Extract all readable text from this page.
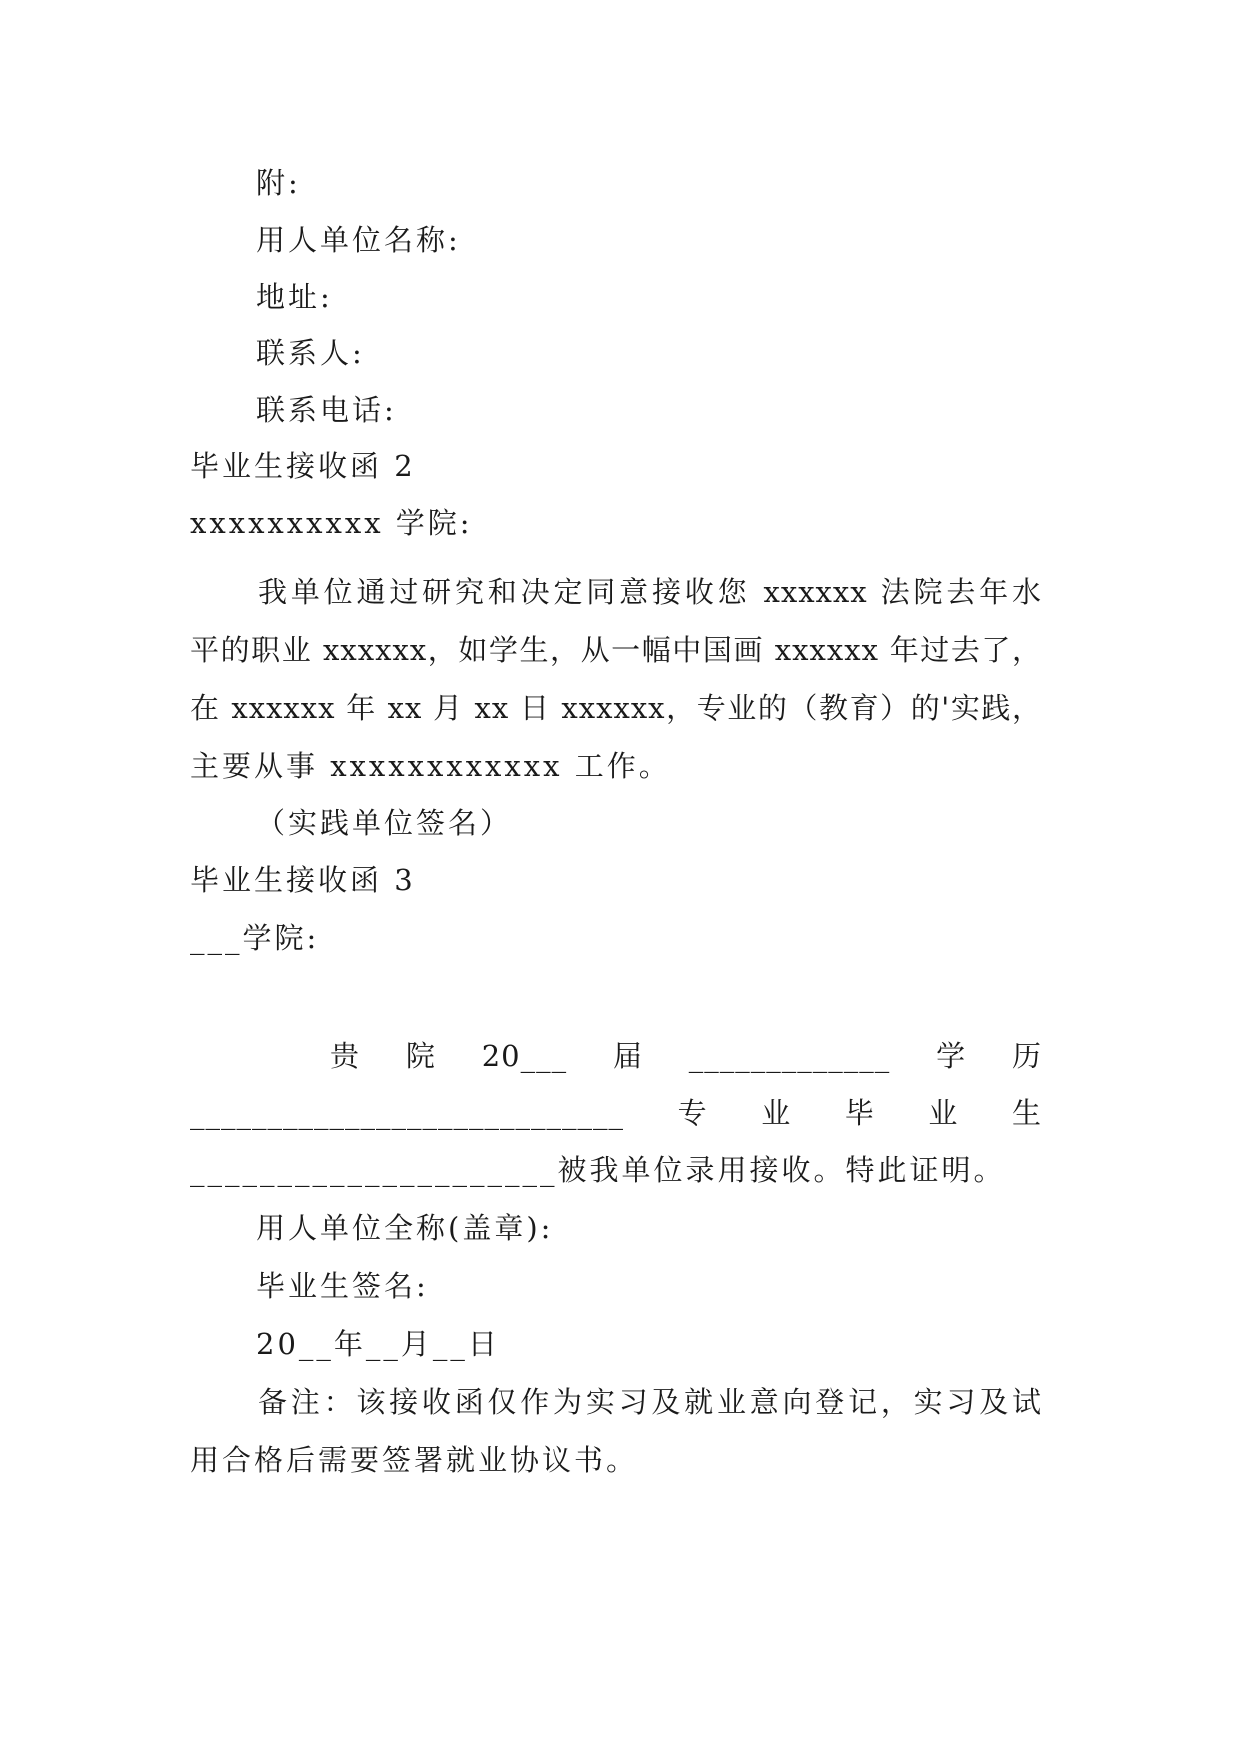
附:
用人单位名称:
地址:
联系人:
联系电话:
毕业生接收函 2
xxxxxxxxxx 学院:
我单位通过研究和决定同意接收您 xxxxxx 法院去年水
平的职业 xxxxxx，如学生，从一幅中国画 xxxxxx 年过去了，
在 xxxxxx 年 xx 月 xx 日 xxxxxx，专业的（教育）的'实践，
主要从事 xxxxxxxxxxxx 工作。
（实践单位签名）
毕业生接收函 3
___学院:
贵　院　20___　届　_____________　学　历
____________________________　专　业　毕　业　生
_____________________被我单位录用接收。特此证明。
用人单位全称(盖章):
毕业生签名:
20__年__月__日
备注：该接收函仅作为实习及就业意向登记，实习及试
用合格后需要签署就业协议书。
